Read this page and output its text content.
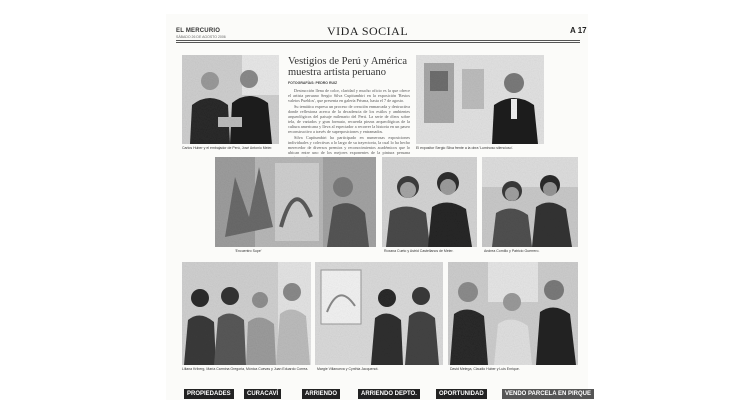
EL MERCURIO
SÁBADO 26 DE AGOSTO 2006	VIDA SOCIAL	A 17
Vestigios de Perú y América muestra artista peruano
FOTOGRAFÍAS: PEDRO RUIZ

Destrucción llena de color, claridad y mucho oficio es la que ofrece el artista peruano Sergio Silva Cupitumbiri en la exposición 'Restos valetos Pueblos', que presenta en galería Prisma, hasta el 7 de agosto.

Su temática expresa un proceso de creación enmarcada y destructiva donde reflexiona acerca de la decadencia de los estilos y ambientes arqueológicos del paisaje milenario del Perú. La serie de óleos sobre tela, de variados y gran formato, recuerda piezas arqueológicas de la cultura americana y lleva al espectador a recorrer la historia en un paseo reconstructivo a través de superposiciones y entramados.

Silva Cupitumbiri ha participado en numerosas exposiciones individuales y colectivas a lo largo de su trayectoria, la cual lo ha hecho merecedor de diversos premios y reconocimientos académicos que lo ubican entre uno de los mejores exponentes de la pintura peruana

Carlos Huber y el embajador de Perú, José Antonio Meier.	El expositor Sergio Silva frente a la obra 'Luminoso silencioso'.
'Encuentro Supe'	Roxana Cueto y Astrid Castellanos de Meier.	Andrea Cornillo y Patricio Guerrero.
Liliana Kriberg, María Carmina Gregoria, Mónica Cuevas y Juan Eduardo Correa.	Margie Villanueva y Cynthia Jacquenot.	David Melega, Claudio Huber y Luis Enrique.
PROPIEDADES	CURACAVÍ	ARRIENDO	ARRIENDO DEPTO.	OPORTUNIDAD	VENDO PARCELA EN PIRQUE
